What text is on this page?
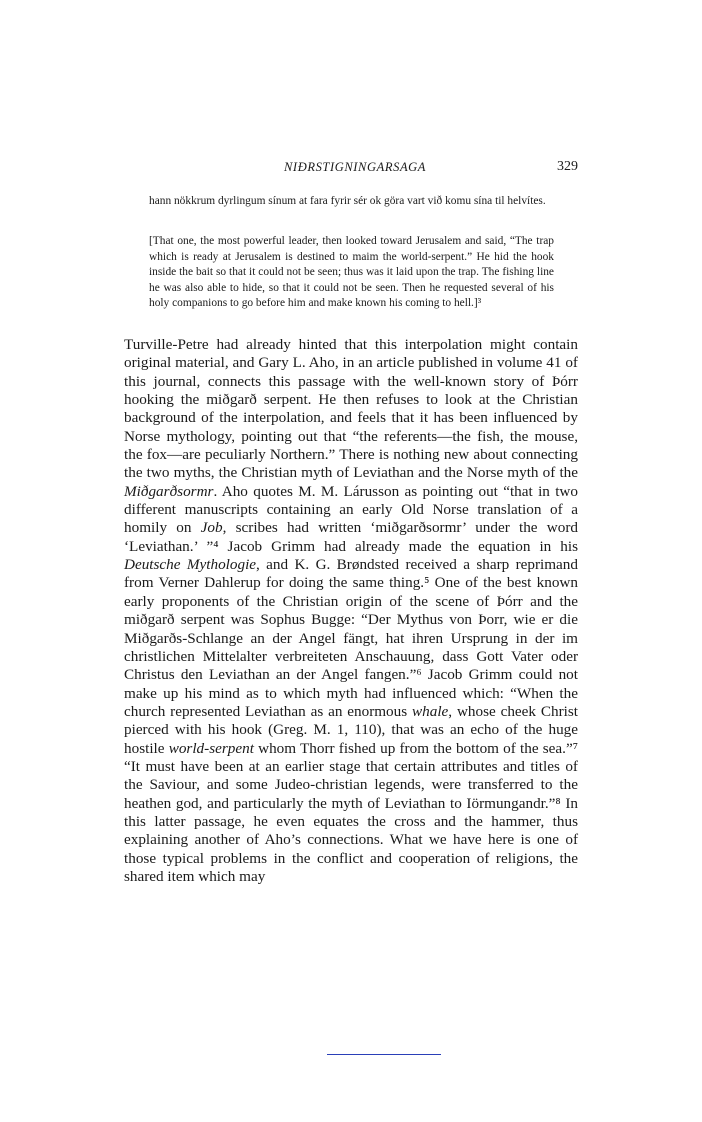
NIÐRSTIGNINGARSAGA	329

hann nökkrum dyrlingum sínum at fara fyrir sér ok göra vart við komu sína til helvítes.

[That one, the most powerful leader, then looked toward Jerusalem and said, “The trap which is ready at Jerusalem is destined to maim the world-serpent.” He hid the hook inside the bait so that it could not be seen; thus was it laid upon the trap. The fishing line he was also able to hide, so that it could not be seen. Then he requested several of his holy companions to go before him and make known his coming to hell.]³

Turville-Petre had already hinted that this interpolation might contain original material, and Gary L. Aho, in an article published in volume 41 of this journal, connects this passage with the well-known story of Þórr hooking the miðgarð serpent. He then refuses to look at the Christian background of the interpolation, and feels that it has been influenced by Norse mythology, pointing out that “the referents—the fish, the mouse, the fox—are peculiarly Northern.” There is nothing new about connecting the two myths, the Christian myth of Leviathan and the Norse myth of the Miðgarðsormr. Aho quotes M. M. Lárusson as pointing out “that in two different manuscripts containing an early Old Norse translation of a homily on Job, scribes had written ‘miðgarðsormr’ under the word ‘Leviathan.’ ”⁴ Jacob Grimm had already made the equation in his Deutsche Mythologie, and K. G. Brøndsted received a sharp reprimand from Verner Dahlerup for doing the same thing.⁵ One of the best known early proponents of the Christian origin of the scene of Þórr and the miðgarð serpent was Sophus Bugge: “Der Mythus von Þorr, wie er die Miðgarðs-Schlange an der Angel fängt, hat ihren Ursprung in der im christlichen Mittelalter verbreiteten Anschauung, dass Gott Vater oder Christus den Leviathan an der Angel fangen.”⁶ Jacob Grimm could not make up his mind as to which myth had influenced which: “When the church represented Leviathan as an enormous whale, whose cheek Christ pierced with his hook (Greg. M. 1, 110), that was an echo of the huge hostile world-serpent whom Thorr fished up from the bottom of the sea.”⁷ “It must have been at an earlier stage that certain attributes and titles of the Saviour, and some Judeo-christian legends, were transferred to the heathen god, and particularly the myth of Leviathan to Iörmungandr.”⁸ In this latter passage, he even equates the cross and the hammer, thus explaining another of Aho’s connections. What we have here is one of those typical problems in the conflict and cooperation of religions, the shared item which may
